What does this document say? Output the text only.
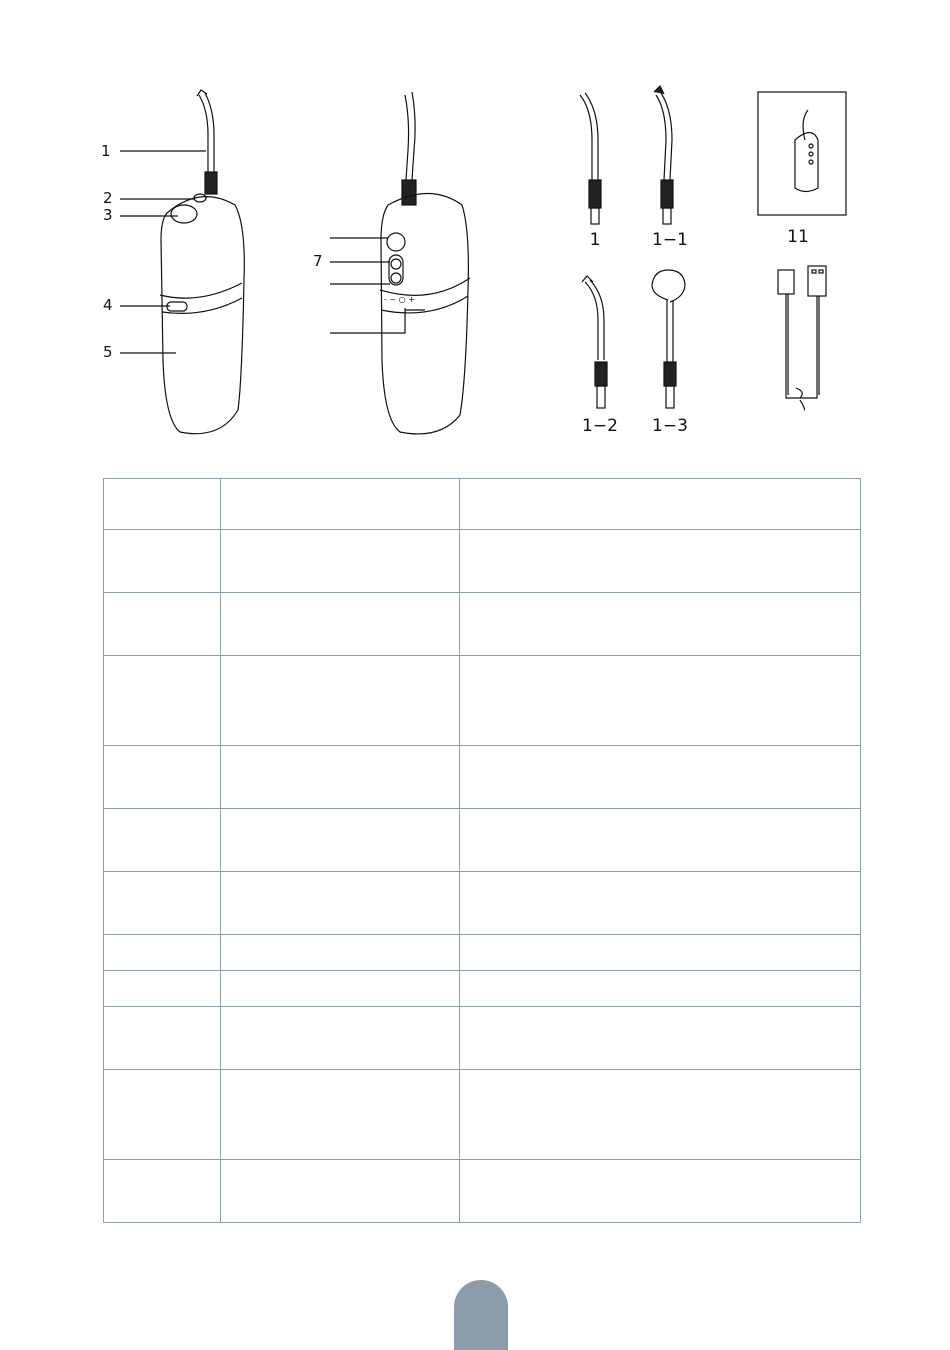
- ~ ○ +
1
2
3
4
5
7
1	1−1
1−2	1−3
11
